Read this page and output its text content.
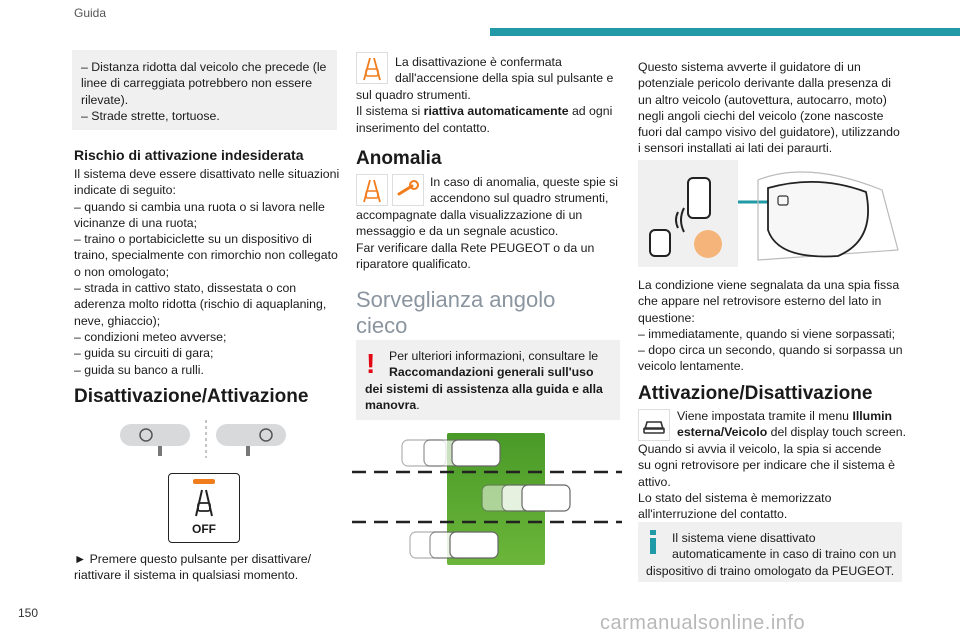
Guida
150	carmanualsonline.info
– Distanza ridotta dal veicolo che precede (le
linee di carreggiata potrebbero non essere
rilevate).
– Strade strette, tortuose.
Rischio di attivazione indesiderata
Il sistema deve essere disattivato nelle situazioni
indicate di seguito:
– quando si cambia una ruota o si lavora nelle
vicinanze di una ruota;
– traino o portabiciclette su un dispositivo di
traino, specialmente con rimorchio non collegato
o non omologato;
– strada in cattivo stato, dissestata o con
aderenza molto ridotta (rischio di aquaplaning,
neve, ghiaccio);
– condizioni meteo avverse;
– guida su circuiti di gara;
– guida su banco a rulli.
Disattivazione/Attivazione
OFF
► Premere questo pulsante per disattivare/
riattivare il sistema in qualsiasi momento.
La disattivazione è confermata
dall'accensione della spia sul pulsante e
sul quadro strumenti.
Il sistema si riattiva automaticamente ad ogni
inserimento del contatto.
Anomalia
In caso di anomalia, queste spie si
accendono sul quadro strumenti,
accompagnate dalla visualizzazione di un
messaggio e da un segnale acustico.
Far verificare dalla Rete PEUGEOT o da un
riparatore qualificato.
Sorveglianza angolo
cieco
!	Per ulteriori informazioni, consultare le
Raccomandazioni generali sull'uso
dei sistemi di assistenza alla guida e alla
manovra.
Questo sistema avverte il guidatore di un
potenziale pericolo derivante dalla presenza di
un altro veicolo (autovettura, autocarro, moto)
negli angoli ciechi del veicolo (zone nascoste
fuori dal campo visivo del guidatore), utilizzando
i sensori installati ai lati dei paraurti.
La condizione viene segnalata da una spia fissa
che appare nel retrovisore esterno del lato in
questione:
– immediatamente, quando si viene sorpassati;
– dopo circa un secondo, quando si sorpassa un
veicolo lentamente.
Attivazione/Disattivazione
Viene impostata tramite il menu Illumin
esterna/Veicolo del display touch screen.
Quando si avvia il veicolo, la spia si accende
su ogni retrovisore per indicare che il sistema è
attivo.
Lo stato del sistema è memorizzato
all'interruzione del contatto.
Il sistema viene disattivato
automaticamente in caso di traino con un
dispositivo di traino omologato da PEUGEOT.
